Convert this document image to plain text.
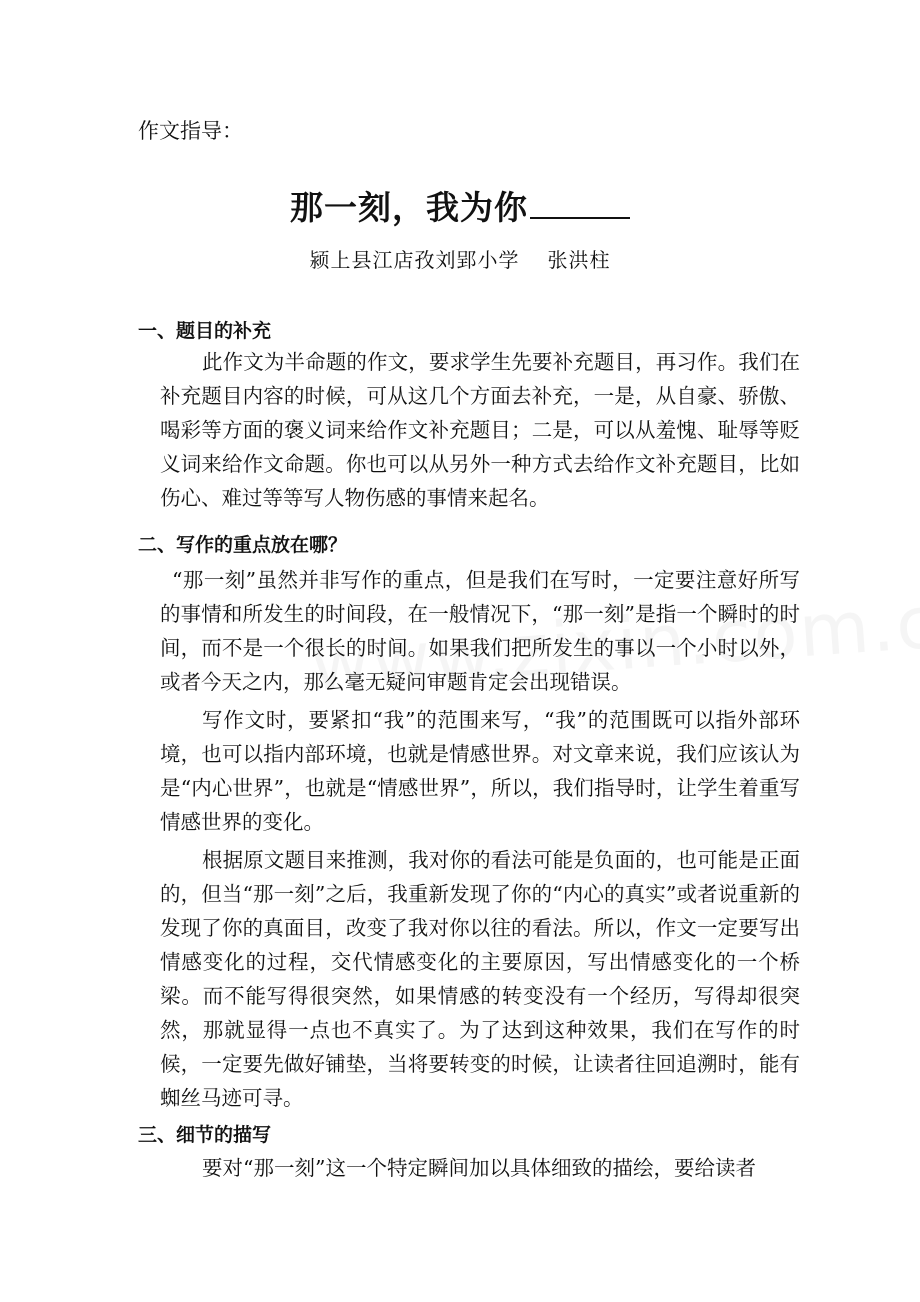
作文指导：
那一刻，我为你
颍上县江店孜刘郢小学 张洪柱
一、题目的补充

此作文为半命题的作文，要求学生先要补充题目，再习作。我们在补充题目内容的时候，可从这几个方面去补充，一是，从自豪、骄傲、喝彩等方面的褒义词来给作文补充题目；二是，可以从羞愧、耻辱等贬义词来给作文命题。你也可以从另外一种方式去给作文补充题目，比如伤心、难过等等写人物伤感的事情来起名。

二、写作的重点放在哪？

“那一刻”虽然并非写作的重点，但是我们在写时，一定要注意好所写的事情和所发生的时间段，在一般情况下，“那一刻”是指一个瞬时的时间，而不是一个很长的时间。如果我们把所发生的事以一个小时以外，或者今天之内，那么毫无疑问审题肯定会出现错误。

写作文时，要紧扣“我”的范围来写，“我”的范围既可以指外部环境，也可以指内部环境，也就是情感世界。对文章来说，我们应该认为是“内心世界”，也就是“情感世界”，所以，我们指导时，让学生着重写情感世界的变化。

根据原文题目来推测，我对你的看法可能是负面的，也可能是正面的，但当“那一刻”之后，我重新发现了你的“内心的真实”或者说重新的发现了你的真面目，改变了我对你以往的看法。所以，作文一定要写出情感变化的过程，交代情感变化的主要原因，写出情感变化的一个桥梁。而不能写得很突然，如果情感的转变没有一个经历，写得却很突然，那就显得一点也不真实了。为了达到这种效果，我们在写作的时候，一定要先做好铺垫，当将要转变的时候，让读者往回追溯时，能有蜘丝马迹可寻。

三、细节的描写

要对“那一刻”这一个特定瞬间加以具体细致的描绘，要给读者
